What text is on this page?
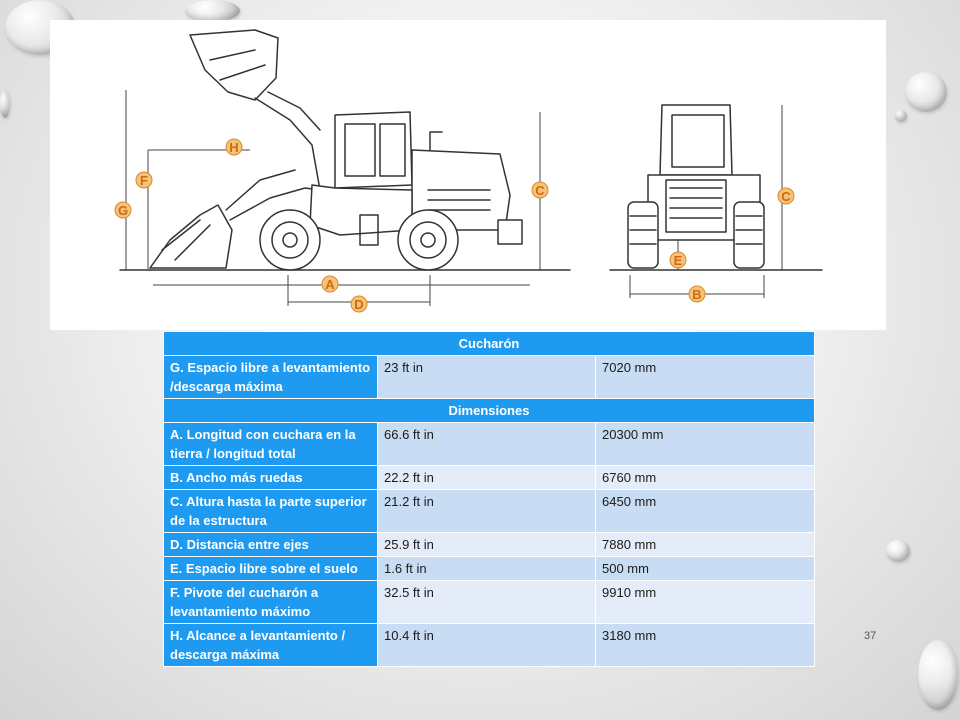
A
D
C
F
G
H
C
E
B
Cucharón		
G. Espacio libre a levantamiento /descarga máxima	23 ft in	7020 mm
Dimensiones		
A. Longitud con cuchara en la tierra / longitud total	66.6 ft in	20300 mm
B. Ancho más ruedas	22.2 ft in	6760 mm
C. Altura hasta la parte superior de la estructura	21.2 ft in	6450 mm
D. Distancia entre ejes	25.9 ft in	7880 mm
E. Espacio libre sobre el suelo	1.6 ft in	500 mm
F. Pivote del cucharón a levantamiento máximo	32.5 ft in	9910 mm
H. Alcance a levantamiento / descarga máxima	10.4 ft in	3180 mm	37
